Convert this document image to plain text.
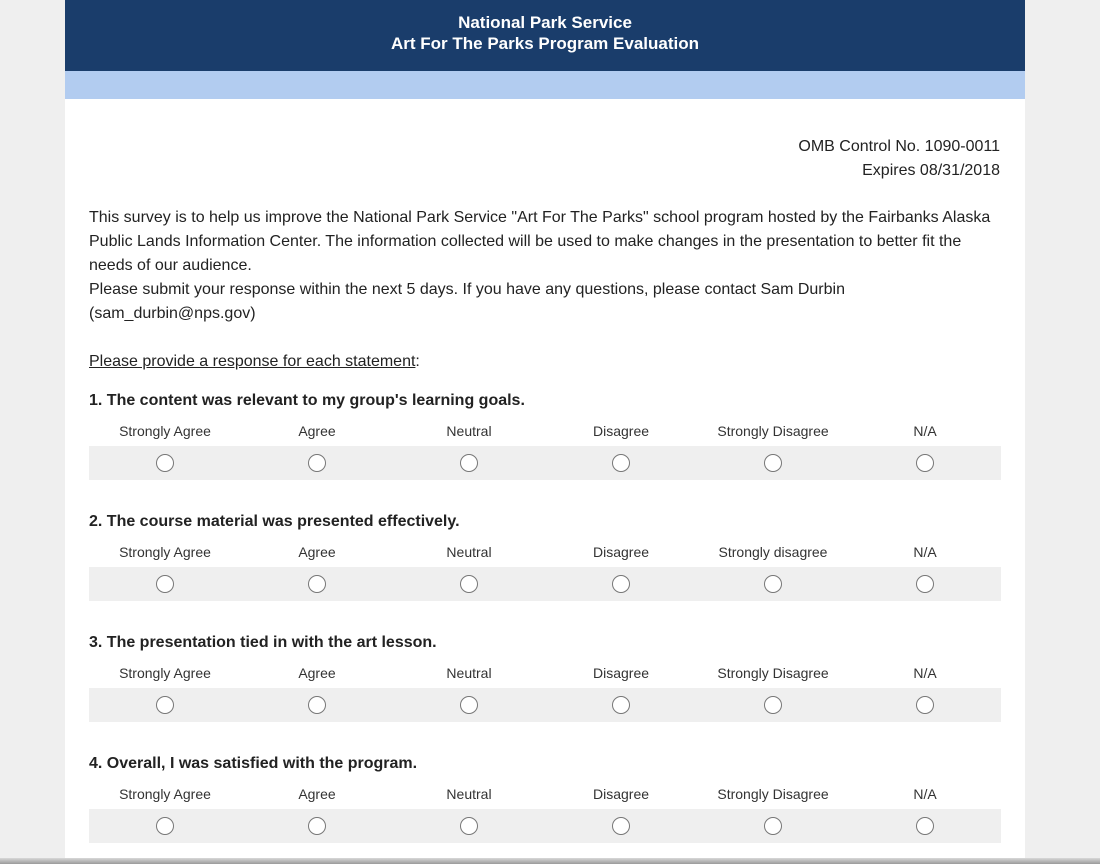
National Park Service
Art For The Parks Program Evaluation
OMB Control No. 1090-0011
Expires 08/31/2018
This survey is to help us improve the National Park Service "Art For The Parks" school program hosted by the Fairbanks Alaska Public Lands Information Center. The information collected will be used to make changes in the presentation to better fit the needs of our audience.
Please submit your response within the next 5 days. If you have any questions, please contact Sam Durbin (sam_durbin@nps.gov)
Please provide a response for each statement:
1. The content was relevant to my group's learning goals.
Strongly Agree	Agree	Neutral	Disagree	Strongly Disagree	N/A
2. The course material was presented effectively.
Strongly Agree	Agree	Neutral	Disagree	Strongly disagree	N/A
3. The presentation tied in with the art lesson.
Strongly Agree	Agree	Neutral	Disagree	Strongly Disagree	N/A
4. Overall, I was satisfied with the program.
Strongly Agree	Agree	Neutral	Disagree	Strongly Disagree	N/A
